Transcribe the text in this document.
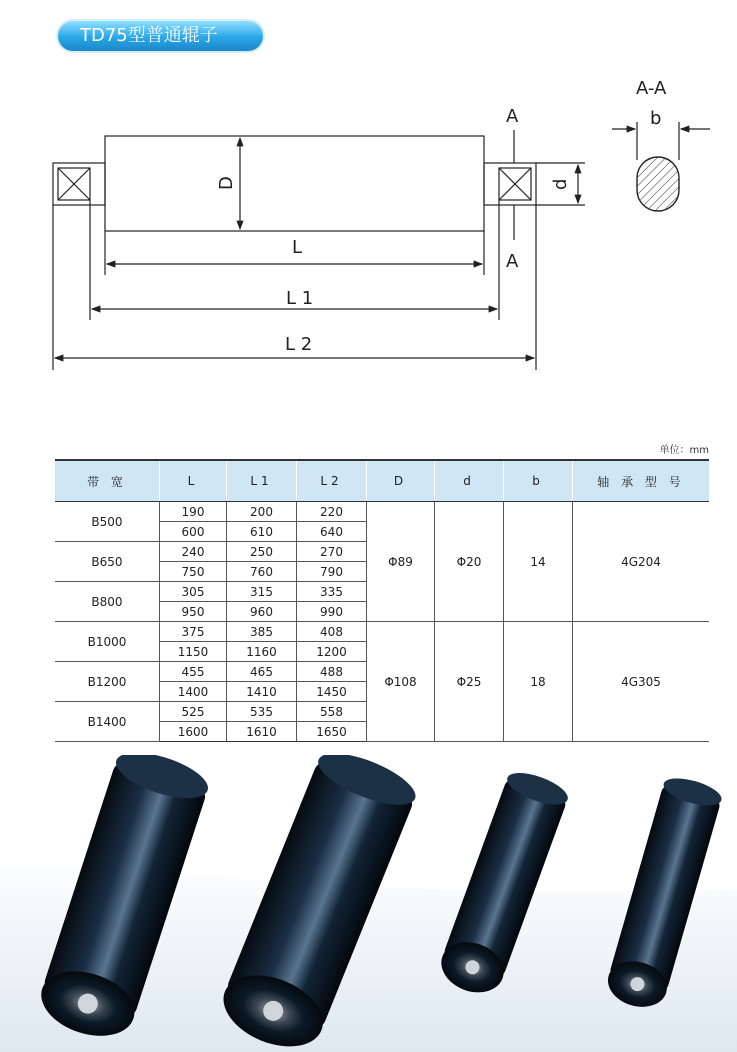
TD75型普通辊子
A
A
D	d
L
L 1
L 2
A-A
b
单位：mm
带 宽	L	L1	L2	D	d	b	轴 承 型 号
B500	190	200	220	Φ89	Φ20	14	4G204
	600	610	640				
B650	240	250	270				
	750	760	790				
B800	305	315	335				
	950	960	990				
B1000	375	385	408	Φ108	Φ25	18	4G305
	1150	1160	1200				
B1200	455	465	488				
	1400	1410	1450				
B1400	525	535	558				
	1600	1610	1650				
